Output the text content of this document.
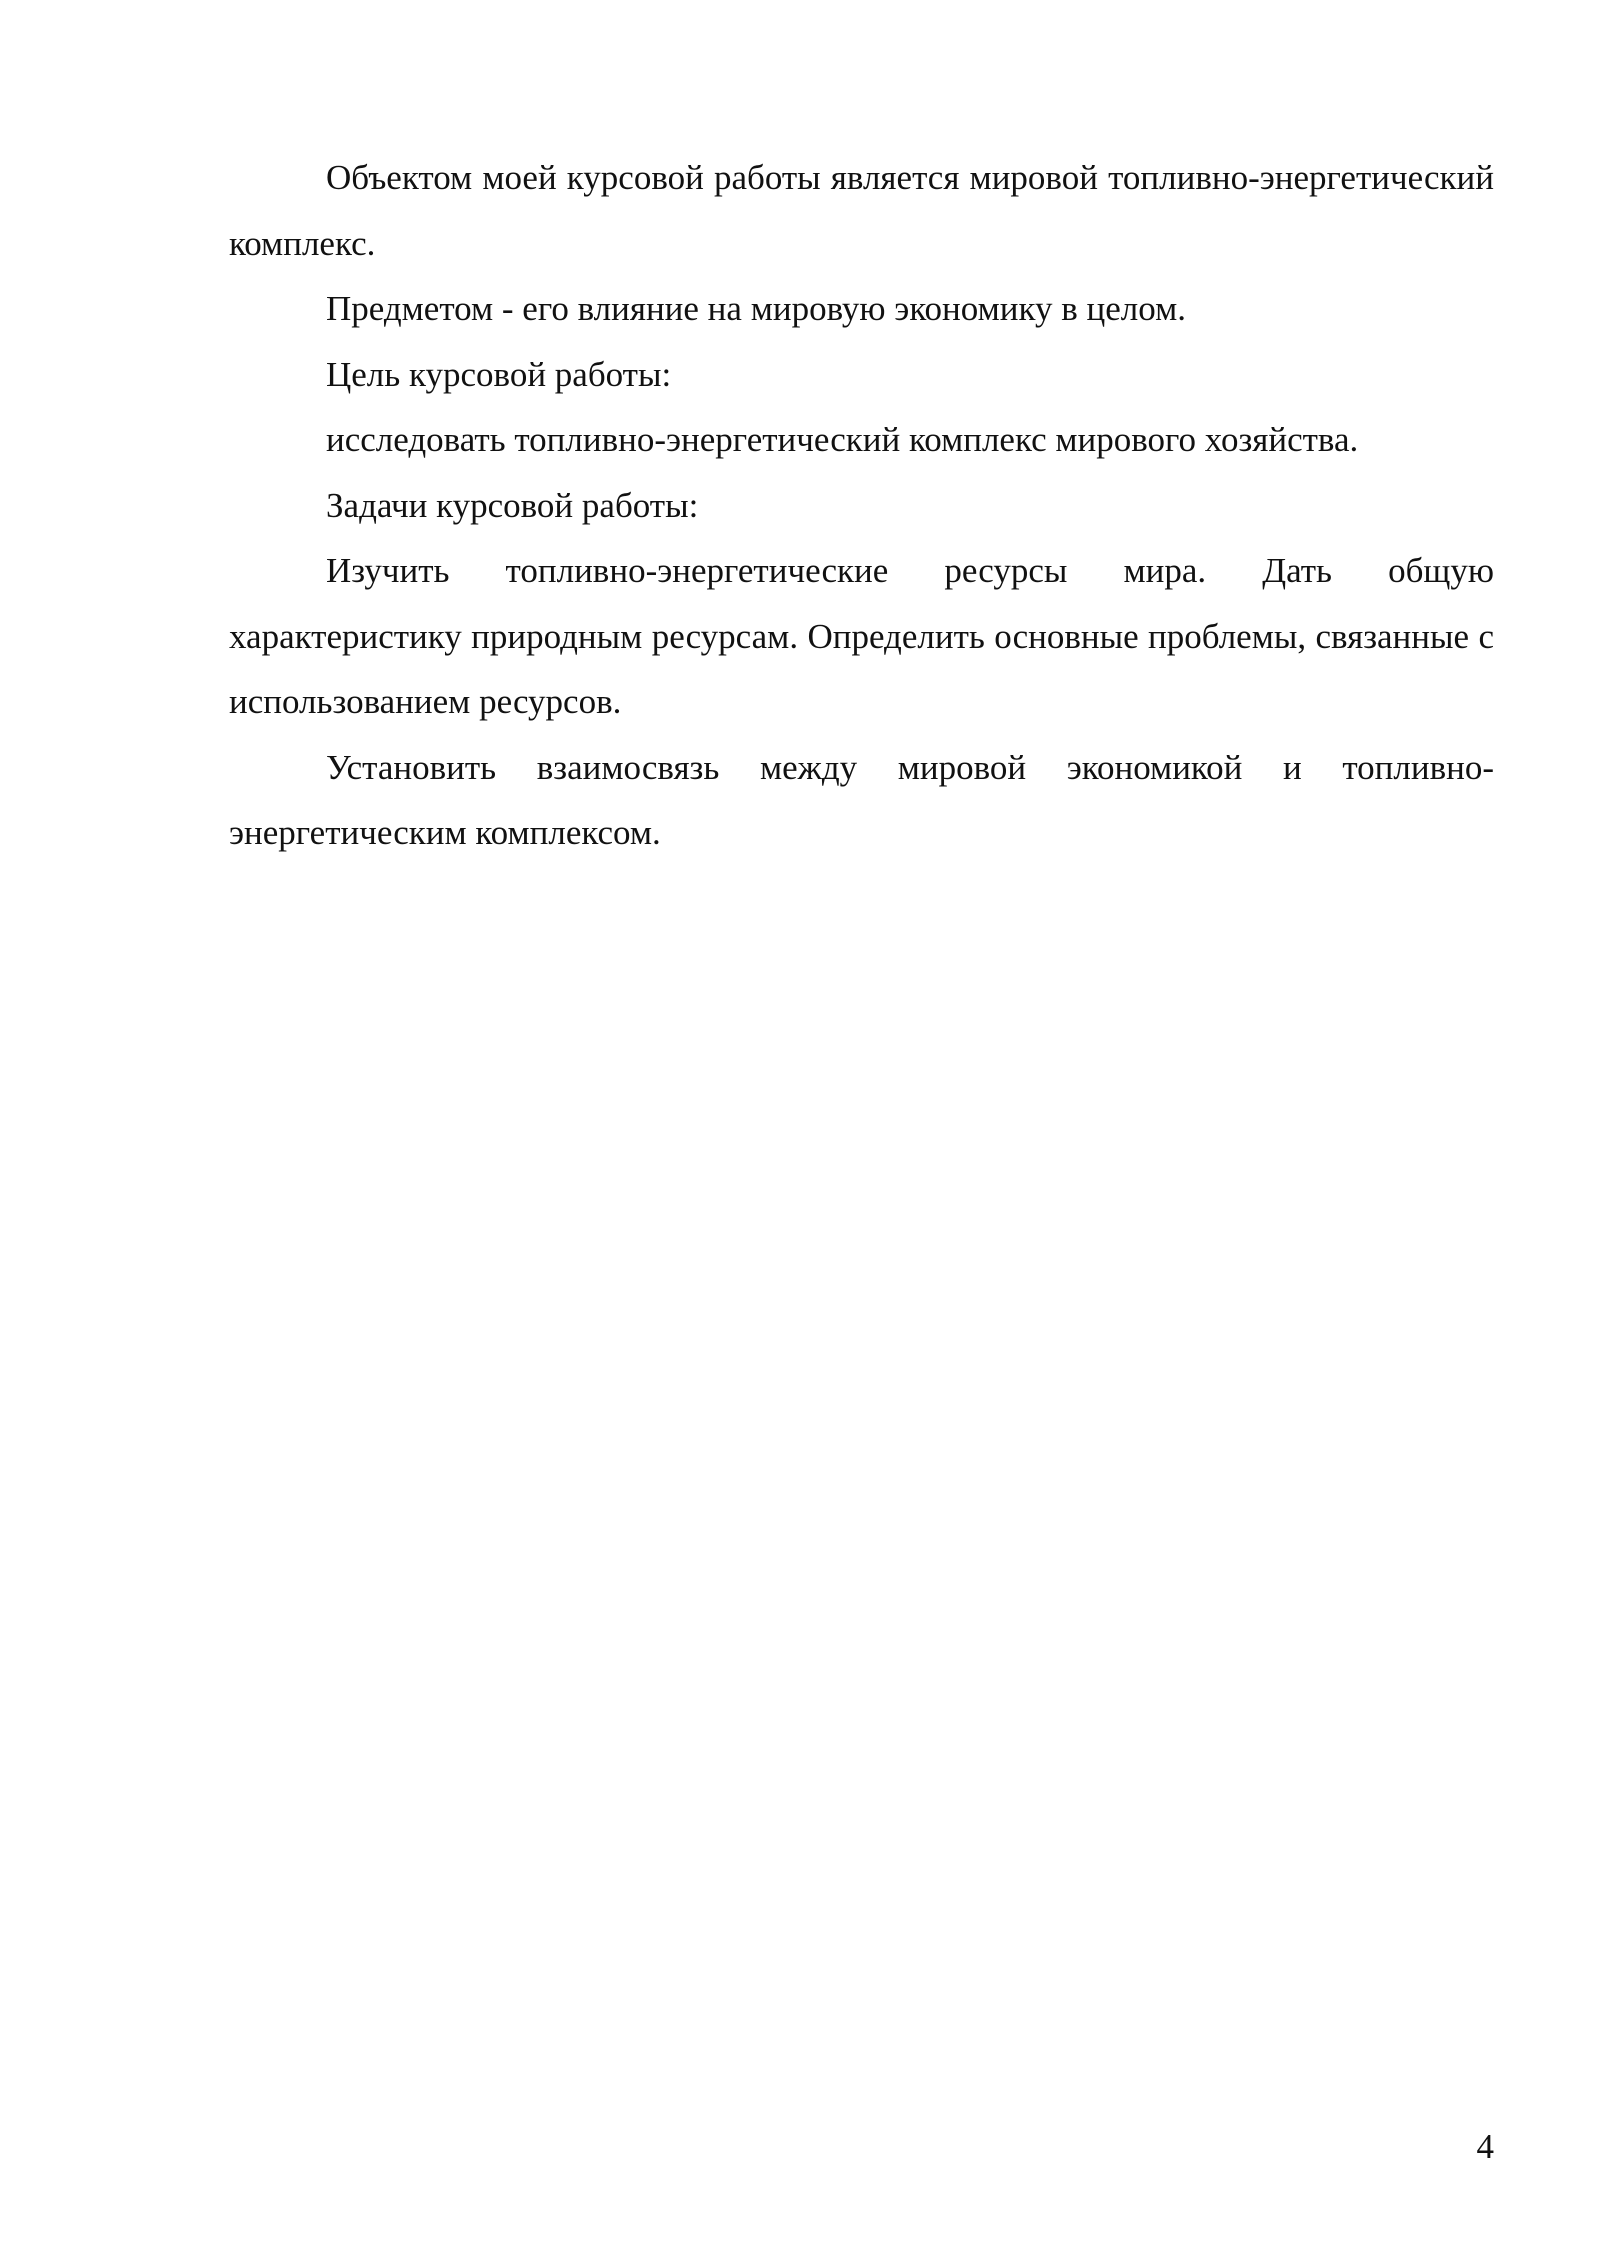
Объектом моей курсовой работы является мировой топливно-энергетический комплекс.

Предметом - его влияние на мировую экономику в целом.

Цель курсовой работы:

исследовать топливно-энергетический комплекс мирового хозяйства.

Задачи курсовой работы:

Изучить топливно-энергетические ресурсы мира. Дать общую характеристику природным ресурсам. Определить основные проблемы, связанные с использованием ресурсов.

Установить взаимосвязь между мировой экономикой и топливно-энергетическим комплексом.

4
